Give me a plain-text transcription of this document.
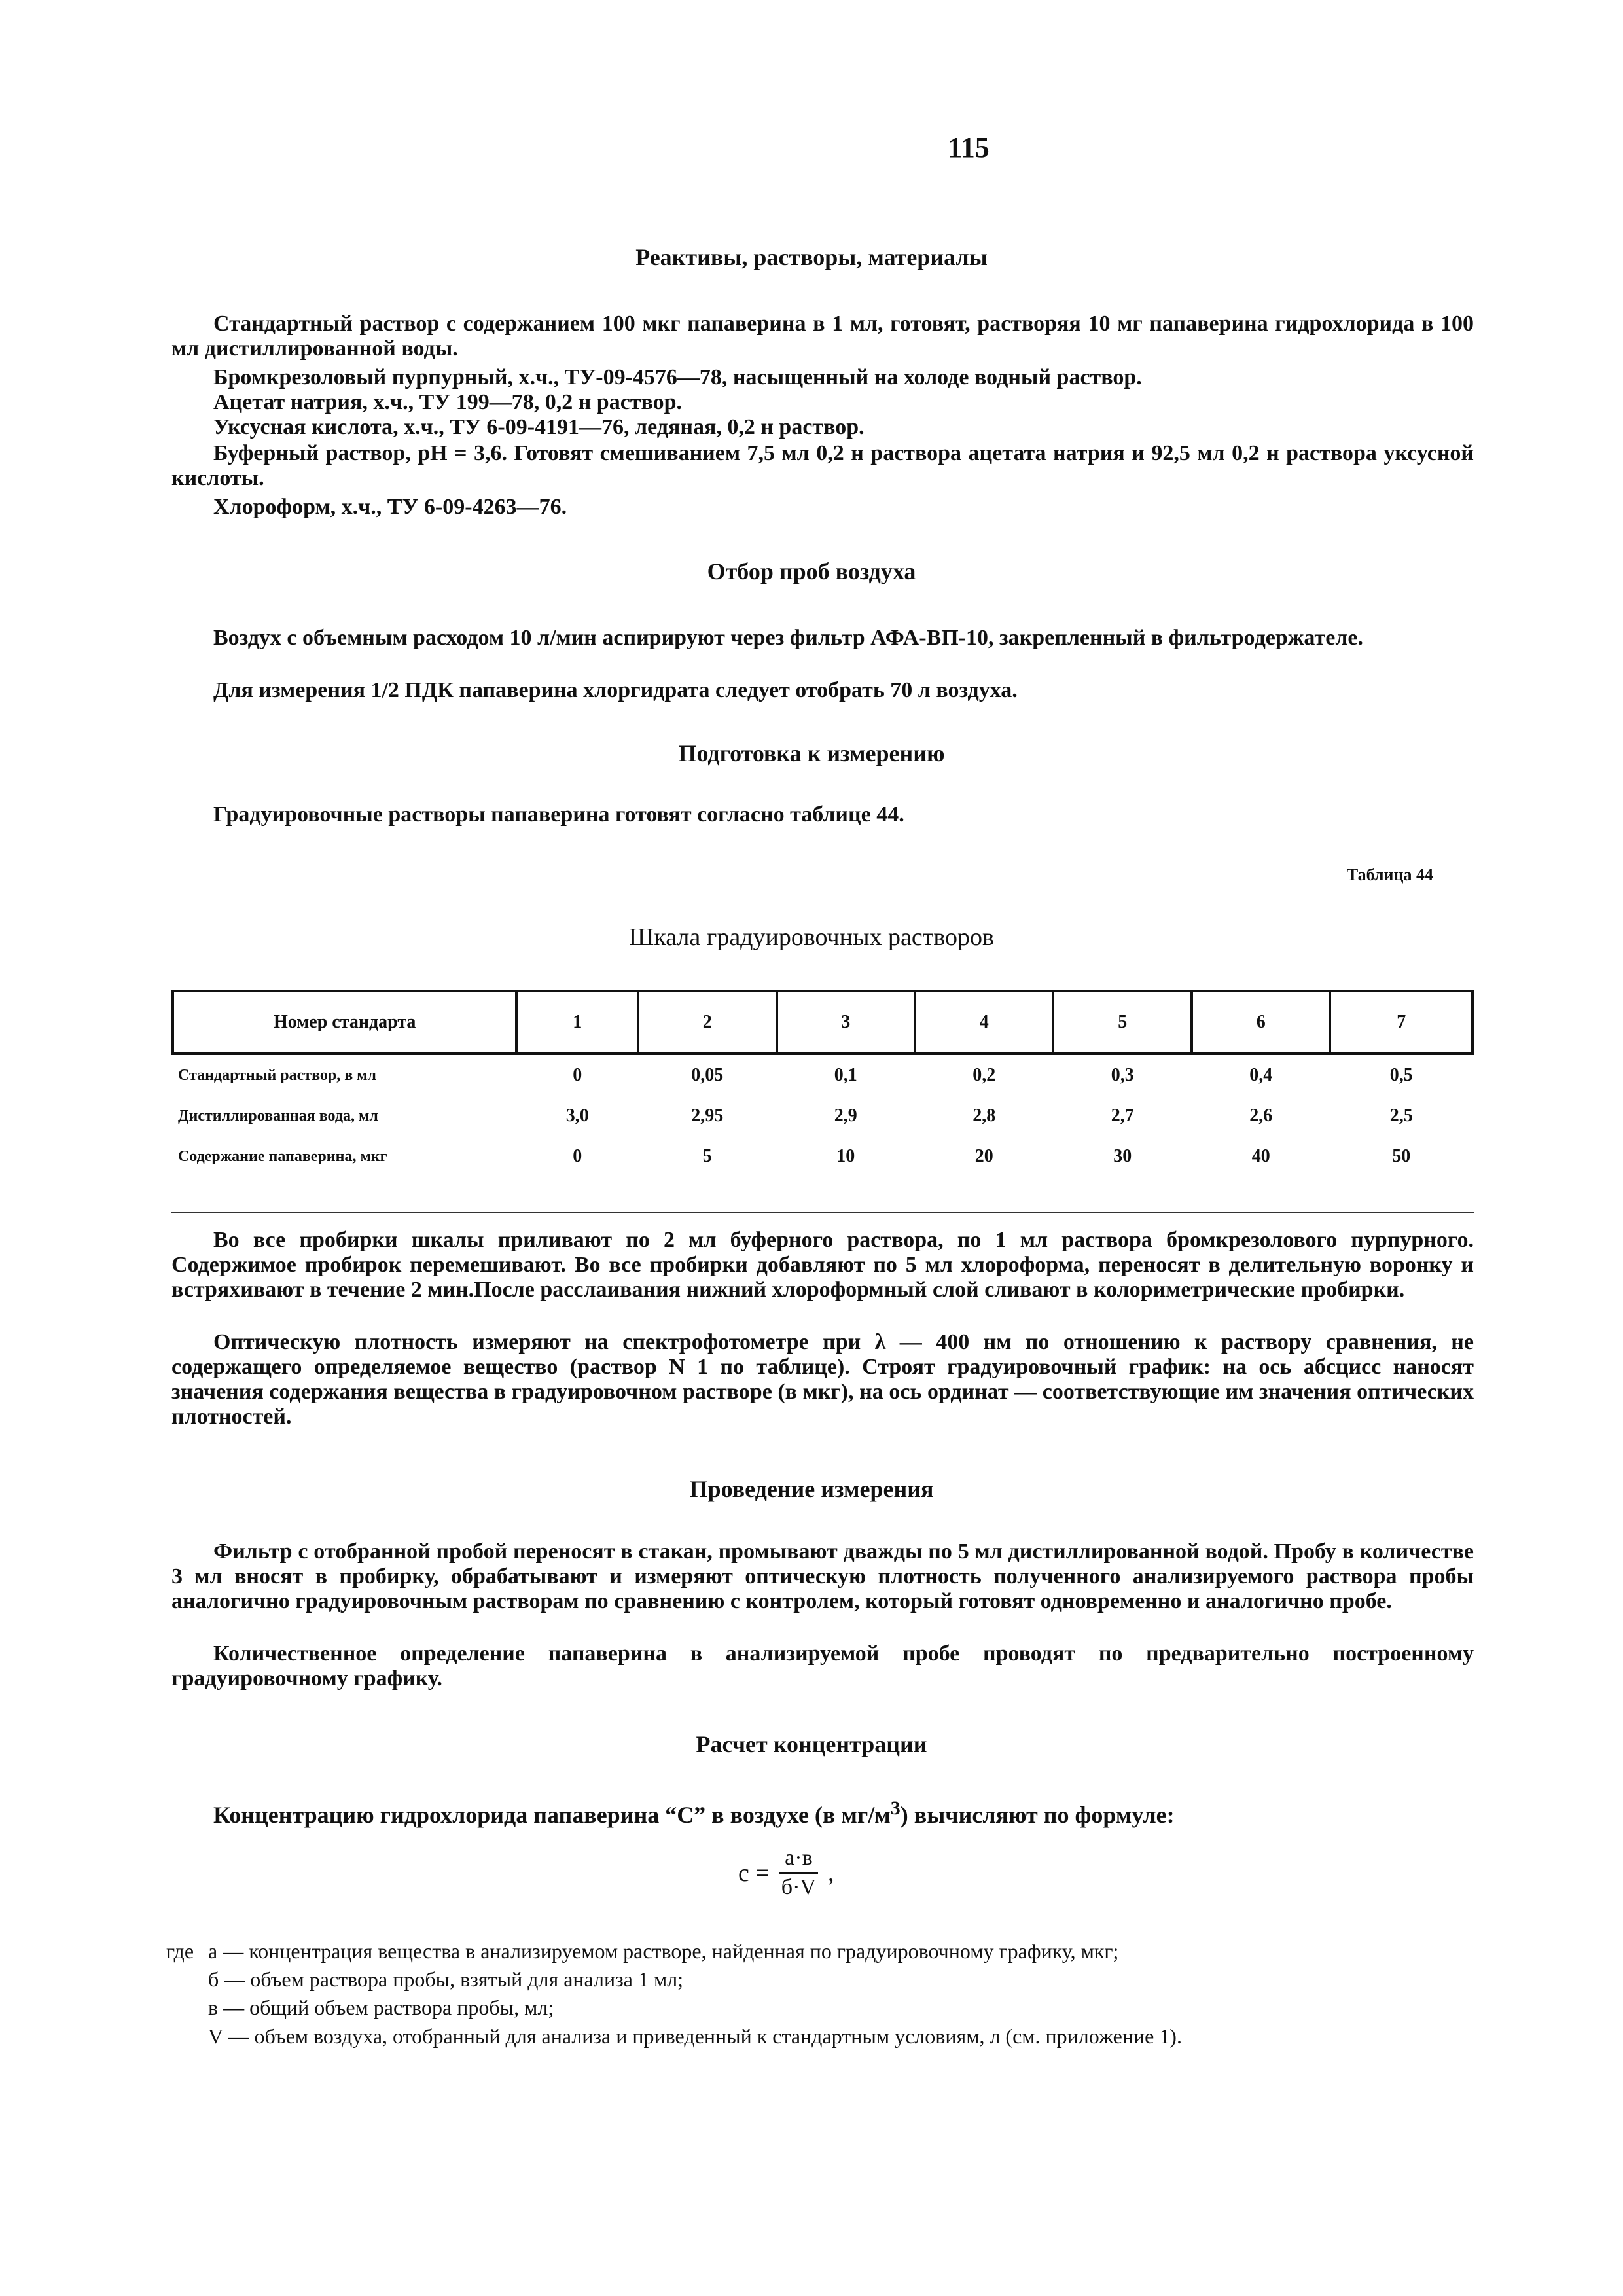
115
Реактивы, растворы, материалы

Стандартный раствор с содержанием 100 мкг папаверина в 1 мл, готовят, растворяя 10 мг папаверина гидрохлорида в 100 мл дистиллированной воды.

Бромкрезоловый пурпурный, х.ч., ТУ-09-4576—78, насыщенный на холоде водный раствор.

Ацетат натрия, х.ч., ТУ 199—78, 0,2 н раствор.

Уксусная кислота, х.ч., ТУ 6-09-4191—76, ледяная, 0,2 н раствор.

Буферный раствор, pH = 3,6. Готовят смешиванием 7,5 мл 0,2 н раствора ацетата натрия и 92,5 мл 0,2 н раствора уксусной кислоты.

Хлороформ, х.ч., ТУ 6-09-4263—76.

Отбор проб воздуха

Воздух с объемным расходом 10 л/мин аспирируют через фильтр АФА-ВП-10, закрепленный в фильтродержателе.

Для измерения 1/2 ПДК папаверина хлоргидрата следует отобрать 70 л воздуха.

Подготовка к измерению

Градуировочные растворы папаверина готовят согласно таблице 44.

Таблица 44
Шкала градуировочных растворов
Номер стандарта	1	2	3	4	5	6	7
Стандартный раствор, в мл	0	0,05	0,1	0,2	0,3	0,4	0,5
Дистиллированная вода, мл	3,0	2,95	2,9	2,8	2,7	2,6	2,5
Содержание папаверина, мкг	0	5	10	20	30	40	50

Во все пробирки шкалы приливают по 2 мл буферного раствора, по 1 мл раствора бромкрезолового пурпурного. Содержимое пробирок перемешивают. Во все пробирки добавляют по 5 мл хлороформа, переносят в делительную воронку и встряхивают в течение 2 мин.После расслаивания нижний хлороформный слой сливают в колориметрические пробирки.

Оптическую плотность измеряют на спектрофотометре при λ — 400 нм по отношению к раствору сравнения, не содержащего определяемое вещество (раствор N 1 по таблице). Строят градуировочный график: на ось абсцисс наносят значения содержания вещества в градуировочном растворе (в мкг), на ось ординат — соответствующие им значения оптических плотностей.

Проведение измерения

Фильтр с отобранной пробой переносят в стакан, промывают дважды по 5 мл дистиллированной водой. Пробу в количестве 3 мл вносят в пробирку, обрабатывают и измеряют оптическую плотность полученного анализируемого раствора пробы аналогично градуировочным растворам по сравнению с контролем, который готовят одновременно и аналогично пробе.

Количественное определение папаверина в анализируемой пробе проводят по предварительно построенному градуировочному графику.

Расчет концентрации

Концентрацию гидрохлорида папаверина “С” в воздухе (в $мг/м^3$) вычисляют по формуле:

$c = \frac{а\cdot в}{б\cdot V}$ ,
где а — концентрация вещества в анализируемом растворе, найденная по градуировочному графику, мкг;
б — объем раствора пробы, взятый для анализа 1 мл;
в — общий объем раствора пробы, мл;
V — объем воздуха, отобранный для анализа и приведенный к стандартным условиям, л (см. приложение 1).
